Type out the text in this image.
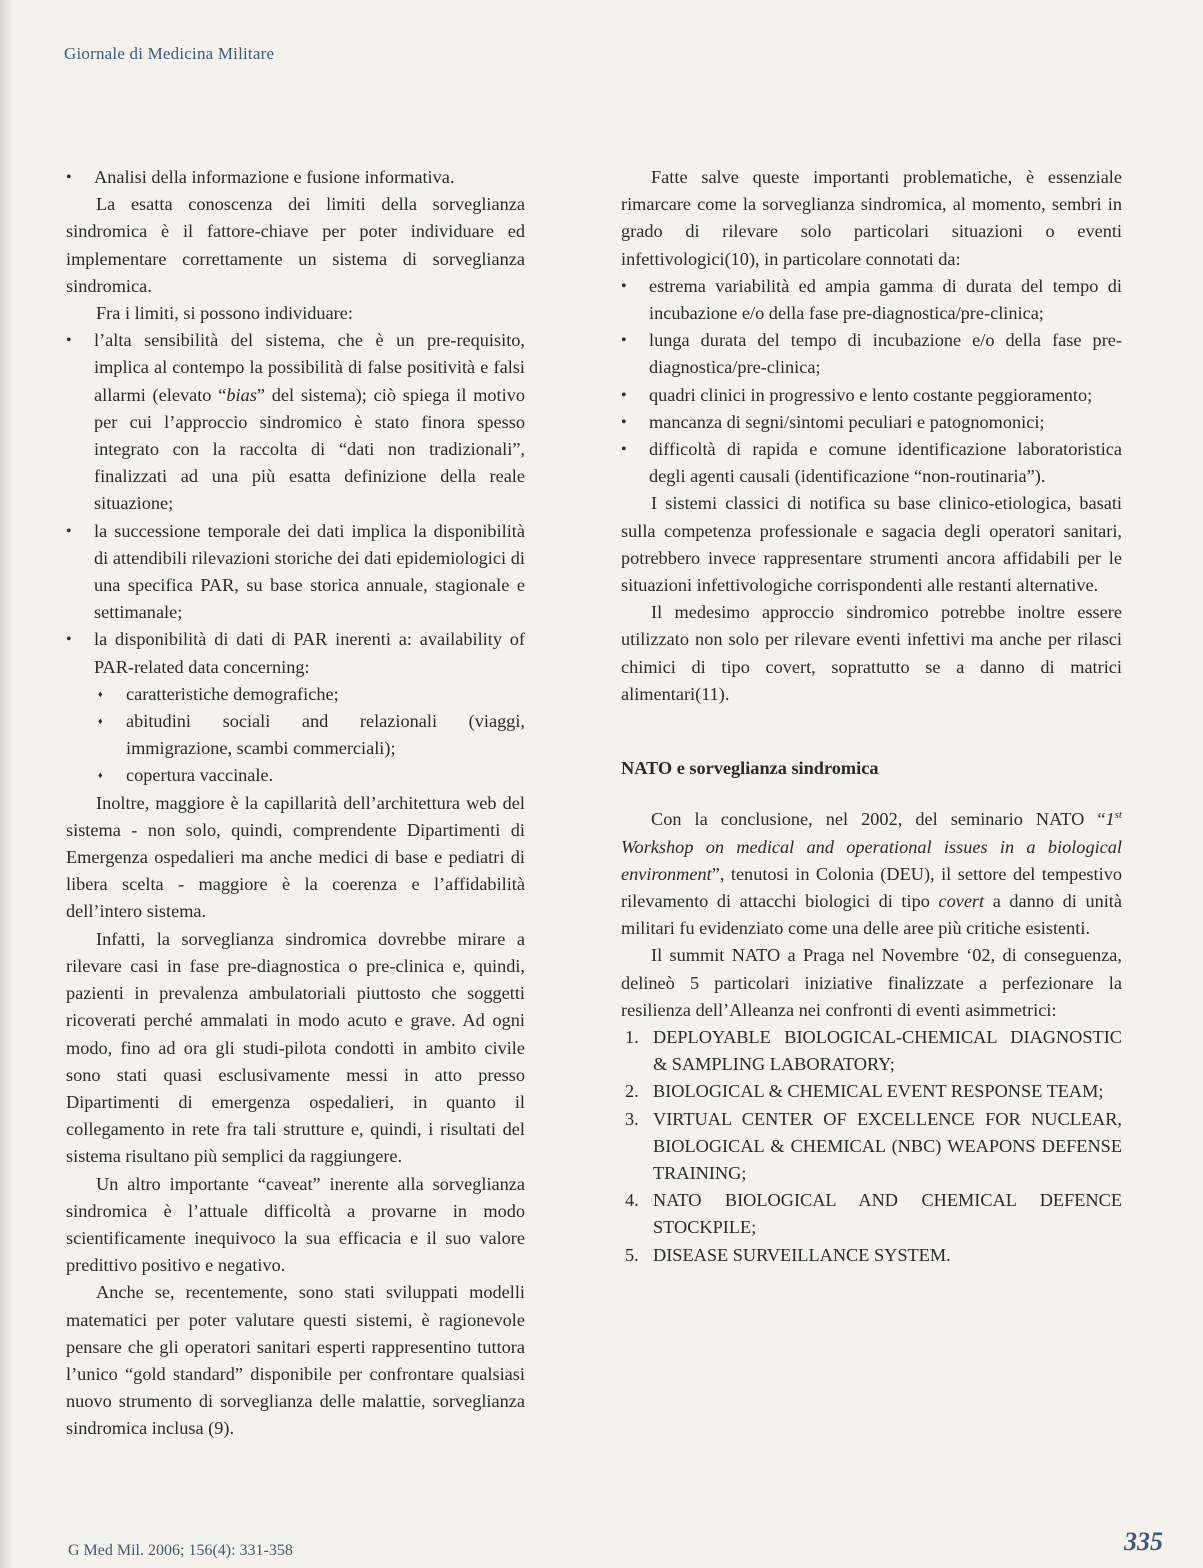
Giornale di Medicina Militare
• Analisi della informazione e fusione informativa.

La esatta conoscenza dei limiti della sorveglianza sindromica è il fattore-chiave per poter individuare ed implementare correttamente un sistema di sorveglianza sindromica.

Fra i limiti, si possono individuare:

• l’alta sensibilità del sistema, che è un pre-requisito, implica al contempo la possibilità di false positività e falsi allarmi (elevato “bias” del sistema); ciò spiega il motivo per cui l’approccio sindromico è stato finora spesso integrato con la raccolta di “dati non tradizionali”, finalizzati ad una più esatta definizione della reale situazione;
• la successione temporale dei dati implica la disponibilità di attendibili rilevazioni storiche dei dati epidemiologici di una specifica PAR, su base storica annuale, stagionale e settimanale;
• la disponibilità di dati di PAR inerenti a: availability of PAR-related data concerning:
♦ caratteristiche demografiche;
♦ abitudini sociali and relazionali (viaggi, immigrazione, scambi commerciali);
♦ copertura vaccinale.

Inoltre, maggiore è la capillarità dell’architettura web del sistema - non solo, quindi, comprendente Dipartimenti di Emergenza ospedalieri ma anche medici di base e pediatri di libera scelta - maggiore è la coerenza e l’affidabilità dell’intero sistema.

Infatti, la sorveglianza sindromica dovrebbe mirare a rilevare casi in fase pre-diagnostica o pre-clinica e, quindi, pazienti in prevalenza ambulatoriali piuttosto che soggetti ricoverati perché ammalati in modo acuto e grave. Ad ogni modo, fino ad ora gli studi-pilota condotti in ambito civile sono stati quasi esclusivamente messi in atto presso Dipartimenti di emergenza ospedalieri, in quanto il collegamento in rete fra tali strutture e, quindi, i risultati del sistema risultano più semplici da raggiungere.

Un altro importante “caveat” inerente alla sorveglianza sindromica è l’attuale difficoltà a provarne in modo scientificamente inequivoco la sua efficacia e il suo valore predittivo positivo e negativo.

Anche se, recentemente, sono stati sviluppati modelli matematici per poter valutare questi sistemi, è ragionevole pensare che gli operatori sanitari esperti rappresentino tuttora l’unico “gold standard” disponibile per confrontare qualsiasi nuovo strumento di sorveglianza delle malattie, sorveglianza sindromica inclusa (9).

Fatte salve queste importanti problematiche, è essenziale rimarcare come la sorveglianza sindromica, al momento, sembri in grado di rilevare solo particolari situazioni o eventi infettivologici(10), in particolare connotati da:

• estrema variabilità ed ampia gamma di durata del tempo di incubazione e/o della fase pre-diagnostica/pre-clinica;
• lunga durata del tempo di incubazione e/o della fase pre-diagnostica/pre-clinica;
• quadri clinici in progressivo e lento costante peggioramento;
• mancanza di segni/sintomi peculiari e patognomonici;
• difficoltà di rapida e comune identificazione laboratoristica degli agenti causali (identificazione “non-routinaria”).

I sistemi classici di notifica su base clinico-etiologica, basati sulla competenza professionale e sagacia degli operatori sanitari, potrebbero invece rappresentare strumenti ancora affidabili per le situazioni infettivologiche corrispondenti alle restanti alternative.

Il medesimo approccio sindromico potrebbe inoltre essere utilizzato non solo per rilevare eventi infettivi ma anche per rilasci chimici di tipo covert, soprattutto se a danno di matrici alimentari(11).

NATO e sorveglianza sindromica

Con la conclusione, nel 2002, del seminario NATO “1st Workshop on medical and operational issues in a biological environment”, tenutosi in Colonia (DEU), il settore del tempestivo rilevamento di attacchi biologici di tipo covert a danno di unità militari fu evidenziato come una delle aree più critiche esistenti.

Il summit NATO a Praga nel Novembre ‘02, di conseguenza, delineò 5 particolari iniziative finalizzate a perfezionare la resilienza dell’Alleanza nei confronti di eventi asimmetrici:

1. DEPLOYABLE BIOLOGICAL-CHEMICAL DIAGNOSTIC & SAMPLING LABORATORY;
2. BIOLOGICAL & CHEMICAL EVENT RESPONSE TEAM;
3. VIRTUAL CENTER OF EXCELLENCE FOR NUCLEAR, BIOLOGICAL & CHEMICAL (NBC) WEAPONS DEFENSE TRAINING;
4. NATO BIOLOGICAL AND CHEMICAL DEFENCE STOCKPILE;
5. DISEASE SURVEILLANCE SYSTEM.
G Med Mil. 2006; 156(4): 331-358	335
